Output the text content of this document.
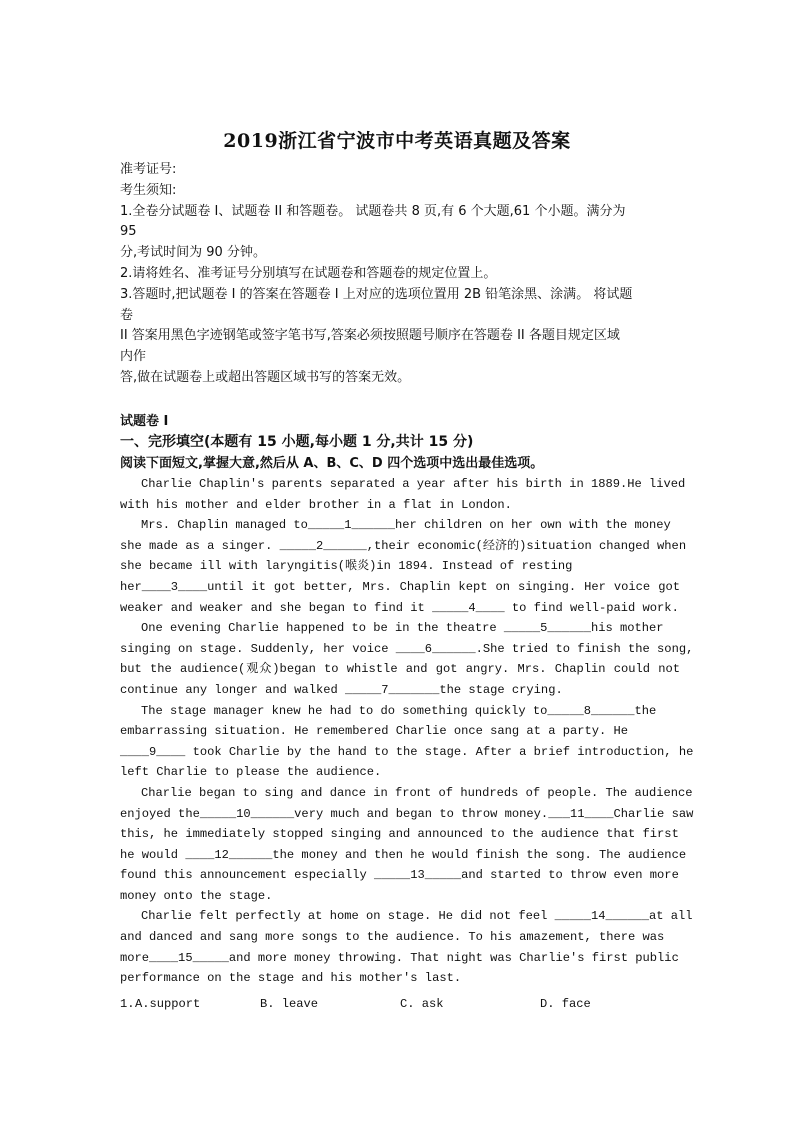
2019浙江省宁波市中考英语真题及答案
准考证号:
考生须知:
1.全卷分试题卷 I、试题卷 II 和答题卷。 试题卷共 8 页,有 6 个大题,61 个小题。满分为
95
分,考试时间为 90 分钟。
2.请将姓名、准考证号分别填写在试题卷和答题卷的规定位置上。
3.答题时,把试题卷 I 的答案在答题卷 I 上对应的选项位置用 2B 铅笔涂黑、涂满。 将试题
卷
II 答案用黑色字迹钢笔或签字笔书写,答案必须按照题号顺序在答题卷 II 各题目规定区域
内作
答,做在试题卷上或超出答题区域书写的答案无效。
试题卷 I
一、完形填空(本题有 15 小题,每小题 1 分,共计 15 分)
阅读下面短文,掌握大意,然后从 A、B、C、D 四个选项中选出最佳选项。
Charlie Chaplin's parents separated a year after his birth in 1889.He lived
with his mother and elder brother in a flat in London.
Mrs. Chaplin managed to_____1______her children on her own with the money
she made as a singer. _____2______,their economic(经济的)situation changed when
she became ill with laryngitis(喉炎)in 1894. Instead of resting
her____3____until it got better, Mrs. Chaplin kept on singing. Her voice got
weaker and weaker and she began to find it _____4____ to find well-paid work.
One evening Charlie happened to be in the theatre _____5______his mother
singing on stage. Suddenly, her voice ____6______.She tried to finish the song,
but the audience(观众)began to whistle and got angry. Mrs. Chaplin could not
continue any longer and walked _____7_______the stage crying.
The stage manager knew he had to do something quickly to_____8______the
embarrassing situation. He remembered Charlie once sang at a party. He
____9____ took Charlie by the hand to the stage. After a brief introduction, he
left Charlie to please the audience.
Charlie began to sing and dance in front of hundreds of people. The audience
enjoyed the_____10______very much and began to throw money.___11____Charlie saw
this, he immediately stopped singing and announced to the audience that first
he would ____12______the money and then he would finish the song. The audience
found this announcement especially _____13_____and started to throw even more
money onto the stage.
Charlie felt perfectly at home on stage. He did not feel _____14______at all
and danced and sang more songs to the audience. To his amazement, there was
more____15_____and more money throwing. That night was Charlie's first public
performance on the stage and his mother's last.
1. A.support	B. leave	C. ask	D. face
